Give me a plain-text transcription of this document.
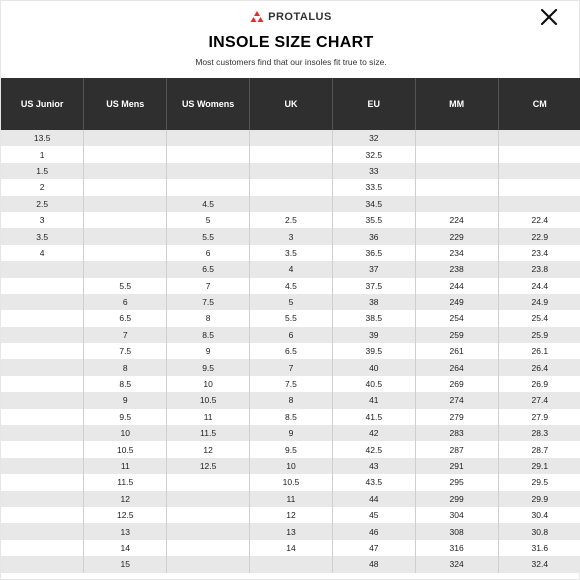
PROTALUS
INSOLE SIZE CHART
Most customers find that our insoles fit true to size.
US Junior	US Mens	US Womens	UK	EU	MM	CM
13.5				32		
1				32.5		
1.5				33		
2				33.5		
2.5		4.5		34.5		
3		5	2.5	35.5	224	22.4
3.5		5.5	3	36	229	22.9
4		6	3.5	36.5	234	23.4
		6.5	4	37	238	23.8
	5.5	7	4.5	37.5	244	24.4
	6	7.5	5	38	249	24.9
	6.5	8	5.5	38.5	254	25.4
	7	8.5	6	39	259	25.9
	7.5	9	6.5	39.5	261	26.1
	8	9.5	7	40	264	26.4
	8.5	10	7.5	40.5	269	26.9
	9	10.5	8	41	274	27.4
	9.5	11	8.5	41.5	279	27.9
	10	11.5	9	42	283	28.3
	10.5	12	9.5	42.5	287	28.7
	11	12.5	10	43	291	29.1
	11.5		10.5	43.5	295	29.5
	12		11	44	299	29.9
	12.5		12	45	304	30.4
	13		13	46	308	30.8
	14		14	47	316	31.6
	15			48	324	32.4
